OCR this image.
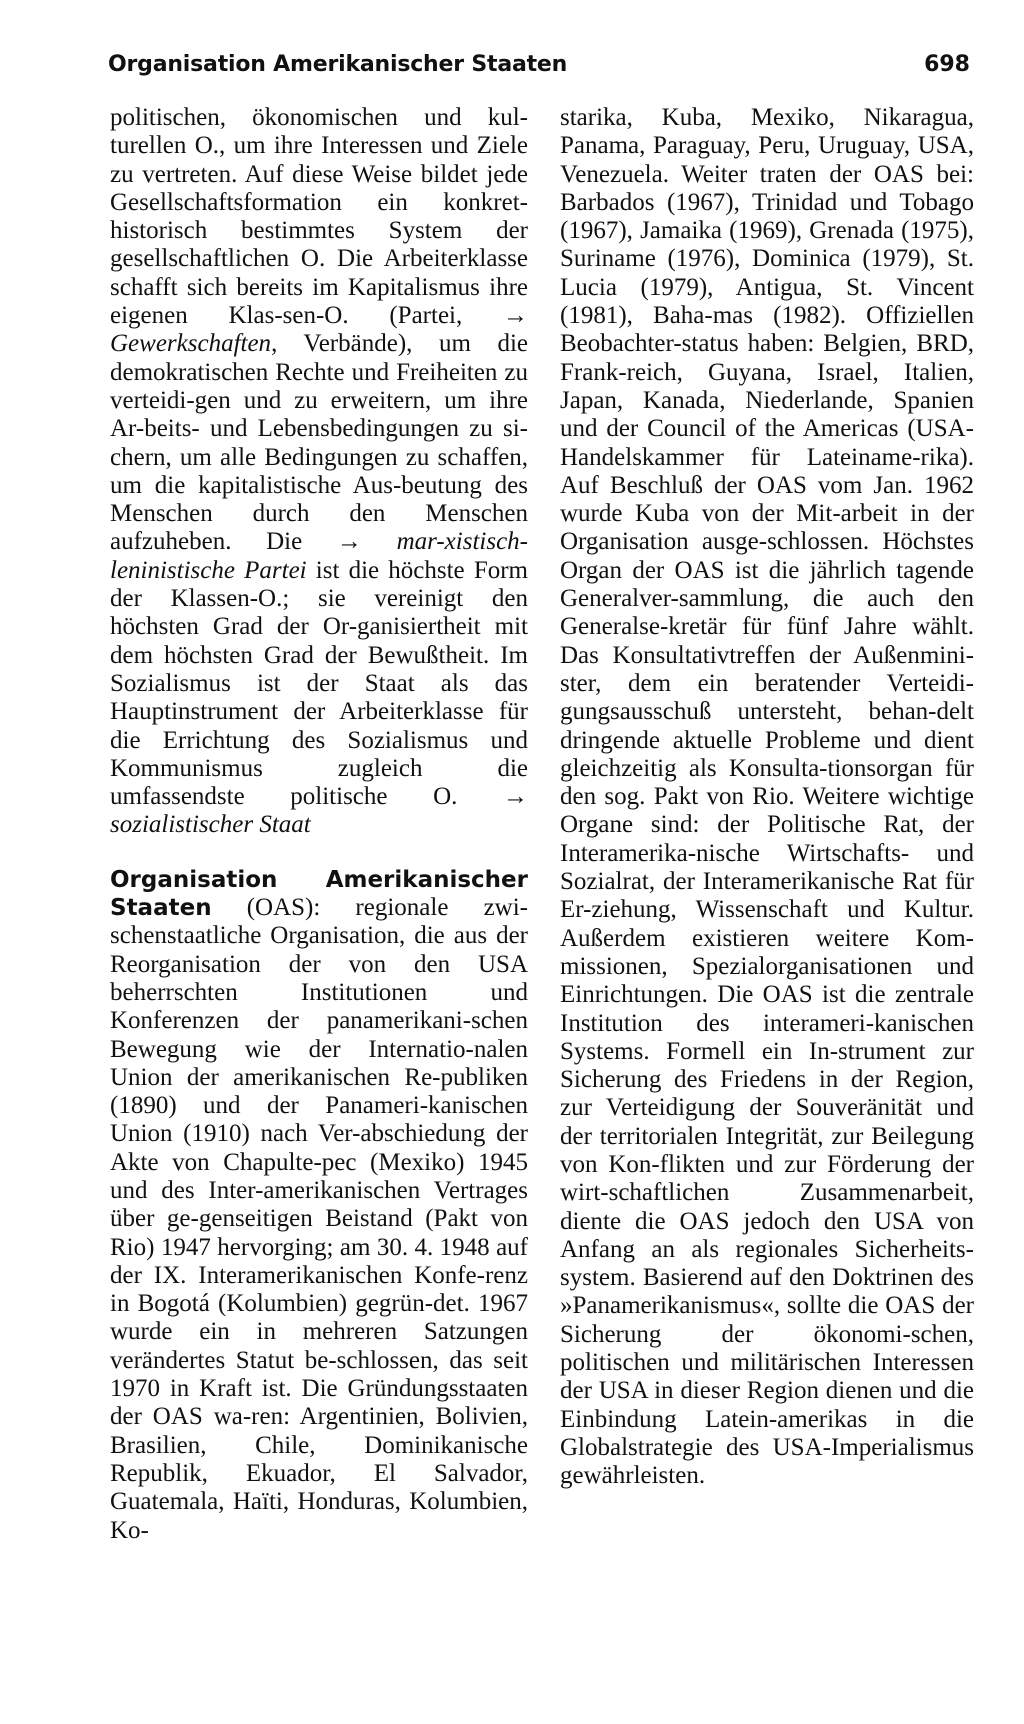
Organisation Amerikanischer Staaten	698

politischen, ökonomischen und kul-turellen O., um ihre Interessen und Ziele zu vertreten. Auf diese Weise bildet jede Gesellschaftsformation ein konkret-historisch bestimmtes System der gesellschaftlichen O. Die Arbeiterklasse schafft sich bereits im Kapitalismus ihre eigenen Klas-sen-O. (Partei, → Gewerkschaften, Verbände), um die demokratischen Rechte und Freiheiten zu verteidi-gen und zu erweitern, um ihre Ar-beits- und Lebensbedingungen zu si-chern, um alle Bedingungen zu schaffen, um die kapitalistische Aus-beutung des Menschen durch den Menschen aufzuheben. Die → mar-xistisch-leninistische Partei ist die höchste Form der Klassen-O.; sie vereinigt den höchsten Grad der Or-ganisiertheit mit dem höchsten Grad der Bewußtheit. Im Sozialismus ist der Staat als das Hauptinstrument der Arbeiterklasse für die Errichtung des Sozialismus und Kommunismus zugleich die umfassendste politische O. → sozialistischer Staat

Organisation Amerikanischer Staaten (OAS): regionale zwi-schenstaatliche Organisation, die aus der Reorganisation der von den USA beherrschten Institutionen und Konferenzen der panamerikani-schen Bewegung wie der Internatio-nalen Union der amerikanischen Re-publiken (1890) und der Panameri-kanischen Union (1910) nach Ver-abschiedung der Akte von Chapulte-pec (Mexiko) 1945 und des Inter-amerikanischen Vertrages über ge-genseitigen Beistand (Pakt von Rio) 1947 hervorging; am 30. 4. 1948 auf der IX. Interamerikanischen Konfe-renz in Bogotá (Kolumbien) gegrün-det. 1967 wurde ein in mehreren Satzungen verändertes Statut be-schlossen, das seit 1970 in Kraft ist. Die Gründungsstaaten der OAS wa-ren: Argentinien, Bolivien, Brasilien, Chile, Dominikanische Republik, Ekuador, El Salvador, Guatemala, Haïti, Honduras, Kolumbien, Ko-

starika, Kuba, Mexiko, Nikaragua, Panama, Paraguay, Peru, Uruguay, USA, Venezuela. Weiter traten der OAS bei: Barbados (1967), Trinidad und Tobago (1967), Jamaika (1969), Grenada (1975), Suriname (1976), Dominica (1979), St. Lucia (1979), Antigua, St. Vincent (1981), Baha-mas (1982). Offiziellen Beobachter-status haben: Belgien, BRD, Frank-reich, Guyana, Israel, Italien, Japan, Kanada, Niederlande, Spanien und der Council of the Americas (USA-Handelskammer für Lateiname-rika). Auf Beschluß der OAS vom Jan. 1962 wurde Kuba von der Mit-arbeit in der Organisation ausge-schlossen. Höchstes Organ der OAS ist die jährlich tagende Generalver-sammlung, die auch den Generalse-kretär für fünf Jahre wählt. Das Konsultativtreffen der Außenmini-ster, dem ein beratender Verteidi-gungsausschuß untersteht, behan-delt dringende aktuelle Probleme und dient gleichzeitig als Konsulta-tionsorgan für den sog. Pakt von Rio. Weitere wichtige Organe sind: der Politische Rat, der Interamerika-nische Wirtschafts- und Sozialrat, der Interamerikanische Rat für Er-ziehung, Wissenschaft und Kultur. Außerdem existieren weitere Kom-missionen, Spezialorganisationen und Einrichtungen. Die OAS ist die zentrale Institution des interameri-kanischen Systems. Formell ein In-strument zur Sicherung des Friedens in der Region, zur Verteidigung der Souveränität und der territorialen Integrität, zur Beilegung von Kon-flikten und zur Förderung der wirt-schaftlichen Zusammenarbeit, diente die OAS jedoch den USA von Anfang an als regionales Sicherheits-system. Basierend auf den Doktrinen des »Panamerikanismus«, sollte die OAS der Sicherung der ökonomi-schen, politischen und militärischen Interessen der USA in dieser Region dienen und die Einbindung Latein-amerikas in die Globalstrategie des USA-Imperialismus gewährleisten.
